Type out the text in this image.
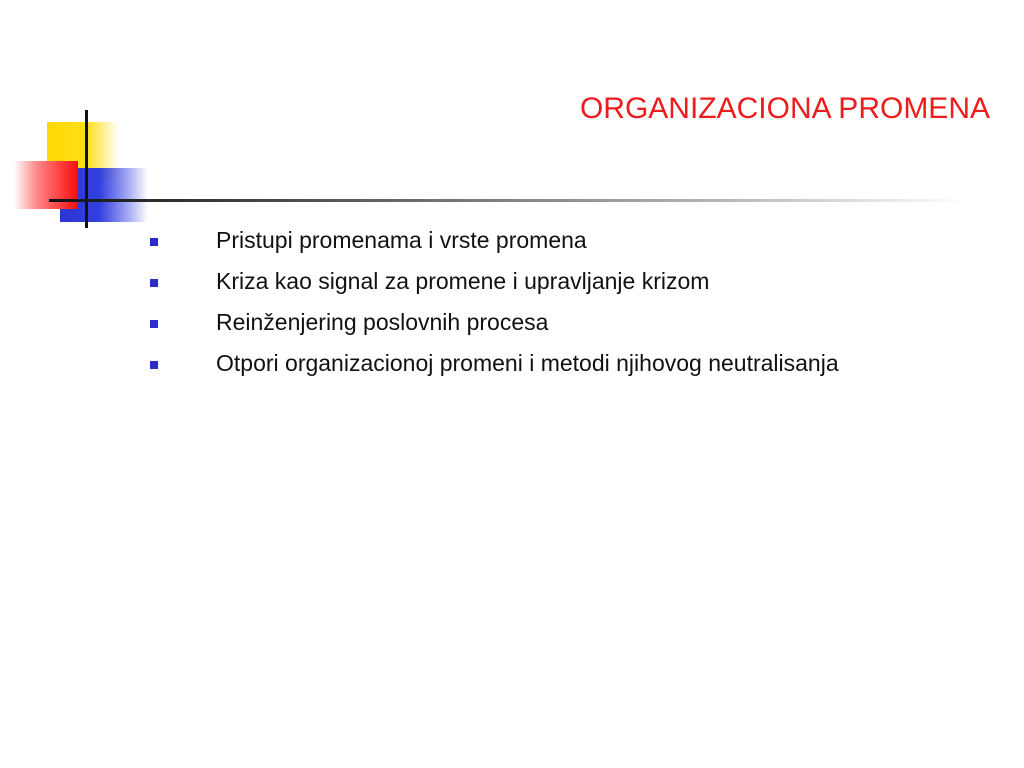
ORGANIZACIONA PROMENA
Pristupi promenama i vrste promena
Kriza kao signal za promene i upravljanje krizom
Reinženjering poslovnih procesa
Otpori organizacionoj promeni i metodi njihovog neutralisanja
